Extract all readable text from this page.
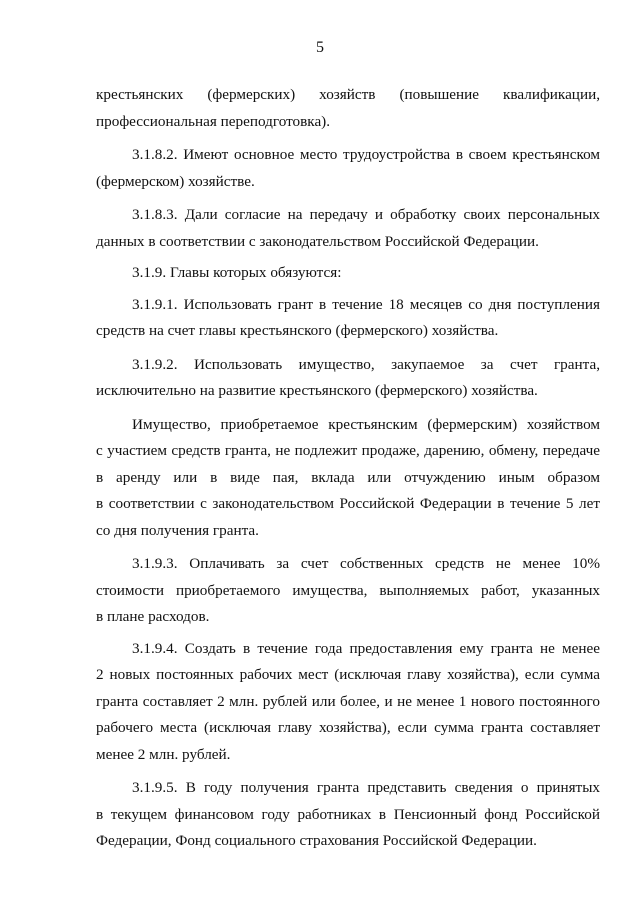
5

крестьянских (фермерских) хозяйств (повышение квалификации,
профессиональная переподготовка).

3.1.8.2. Имеют основное место трудоустройства в своем крестьянском
(фермерском) хозяйстве.

3.1.8.3. Дали согласие на передачу и обработку своих персональных
данных в соответствии с законодательством Российской Федерации.

3.1.9. Главы которых обязуются:

3.1.9.1. Использовать грант в течение 18 месяцев со дня поступления
средств на счет главы крестьянского (фермерского) хозяйства.

3.1.9.2. Использовать имущество, закупаемое за счет гранта,
исключительно на развитие крестьянского (фермерского) хозяйства.

Имущество, приобретаемое крестьянским (фермерским) хозяйством
с участием средств гранта, не подлежит продаже, дарению, обмену, передаче
в аренду или в виде пая, вклада или отчуждению иным образом
в соответствии с законодательством Российской Федерации в течение 5 лет
со дня получения гранта.

3.1.9.3. Оплачивать за счет собственных средств не менее 10%
стоимости приобретаемого имущества, выполняемых работ, указанных
в плане расходов.

3.1.9.4. Создать в течение года предоставления ему гранта не менее
2 новых постоянных рабочих мест (исключая главу хозяйства), если сумма
гранта составляет 2 млн. рублей или более, и не менее 1 нового постоянного
рабочего места (исключая главу хозяйства), если сумма гранта составляет
менее 2 млн. рублей.

3.1.9.5. В году получения гранта представить сведения о принятых
в текущем финансовом году работниках в Пенсионный фонд Российской
Федерации, Фонд социального страхования Российской Федерации.
